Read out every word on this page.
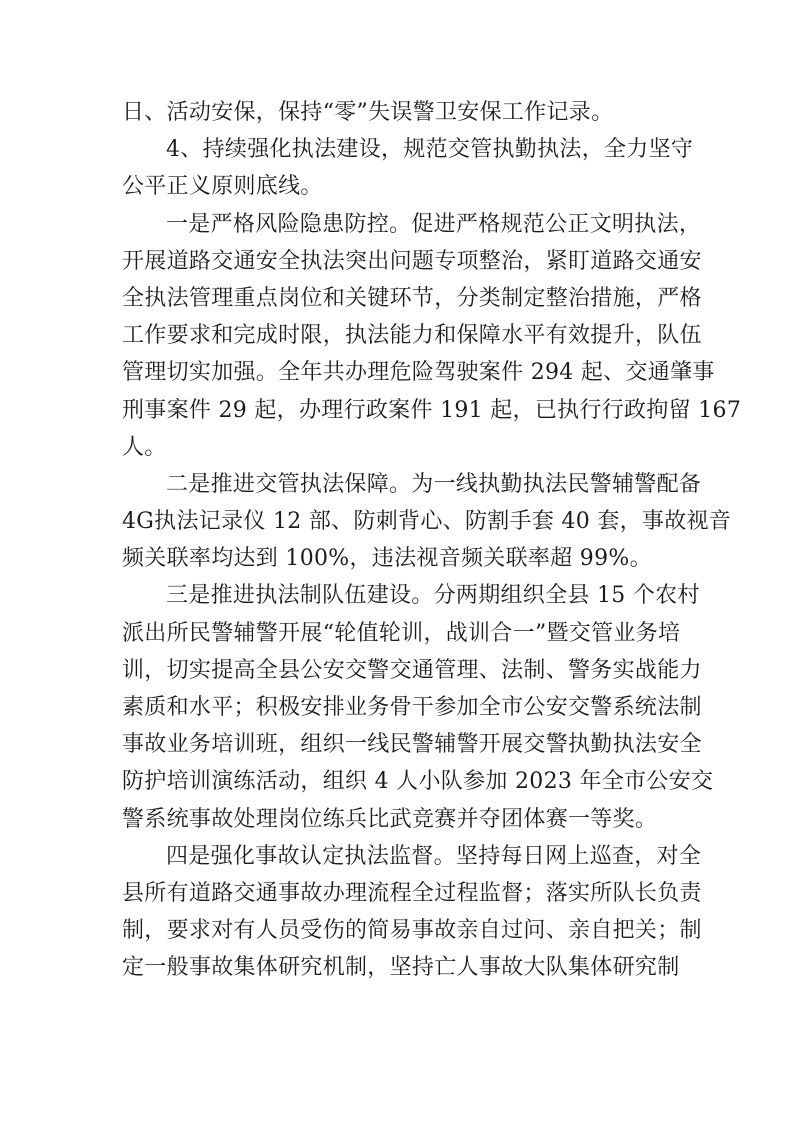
日、活动安保，保持“零”失误警卫安保工作记录。
4、持续强化执法建设，规范交管执勤执法，全力坚守
公平正义原则底线。
一是严格风险隐患防控。促进严格规范公正文明执法，
开展道路交通安全执法突出问题专项整治，紧盯道路交通安
全执法管理重点岗位和关键环节，分类制定整治措施，严格
工作要求和完成时限，执法能力和保障水平有效提升，队伍
管理切实加强。全年共办理危险驾驶案件 294 起、交通肇事
刑事案件 29 起，办理行政案件 191 起，已执行行政拘留 167
人。
二是推进交管执法保障。为一线执勤执法民警辅警配备
4G执法记录仪 12 部、防刺背心、防割手套 40 套，事故视音
频关联率均达到 100%，违法视音频关联率超 99%。
三是推进执法制队伍建设。分两期组织全县 15 个农村
派出所民警辅警开展“轮值轮训，战训合一”暨交管业务培
训，切实提高全县公安交警交通管理、法制、警务实战能力
素质和水平；积极安排业务骨干参加全市公安交警系统法制
事故业务培训班，组织一线民警辅警开展交警执勤执法安全
防护培训演练活动，组织 4 人小队参加 2023 年全市公安交
警系统事故处理岗位练兵比武竞赛并夺团体赛一等奖。
四是强化事故认定执法监督。坚持每日网上巡查，对全
县所有道路交通事故办理流程全过程监督；落实所队长负责
制，要求对有人员受伤的简易事故亲自过问、亲自把关；制
定一般事故集体研究机制，坚持亡人事故大队集体研究制
